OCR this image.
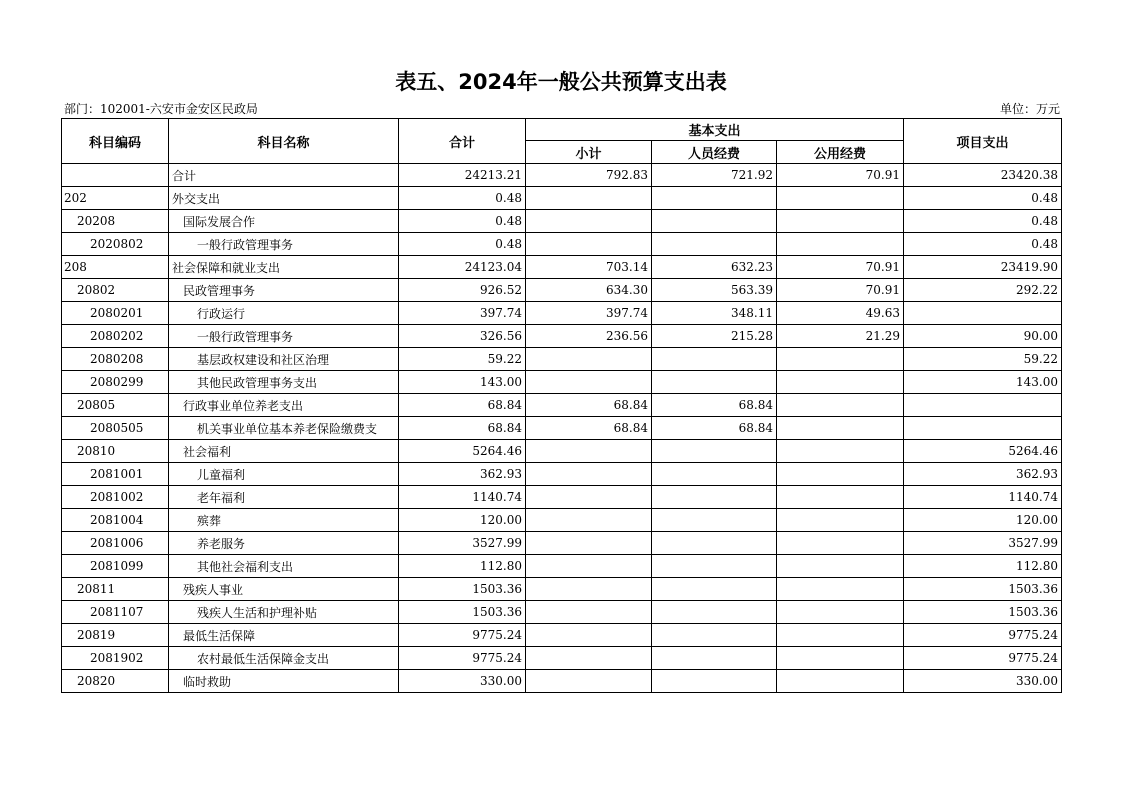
表五、2024年一般公共预算支出表
部门：102001-六安市金安区民政局	单位：万元
科目编码	科目名称	合计	基本支出			项目支出
			小计	人员经费	公用经费	
	合计	24213.21	792.83	721.92	70.91	23420.38
202	外交支出	0.48				0.48
20208	国际发展合作	0.48				0.48
2020802	一般行政管理事务	0.48				0.48
208	社会保障和就业支出	24123.04	703.14	632.23	70.91	23419.90
20802	民政管理事务	926.52	634.30	563.39	70.91	292.22
2080201	行政运行	397.74	397.74	348.11	49.63	
2080202	一般行政管理事务	326.56	236.56	215.28	21.29	90.00
2080208	基层政权建设和社区治理	59.22				59.22
2080299	其他民政管理事务支出	143.00				143.00
20805	行政事业单位养老支出	68.84	68.84	68.84		
2080505	机关事业单位基本养老保险缴费支	68.84	68.84	68.84		
20810	社会福利	5264.46				5264.46
2081001	儿童福利	362.93				362.93
2081002	老年福利	1140.74				1140.74
2081004	殡葬	120.00				120.00
2081006	养老服务	3527.99				3527.99
2081099	其他社会福利支出	112.80				112.80
20811	残疾人事业	1503.36				1503.36
2081107	残疾人生活和护理补贴	1503.36				1503.36
20819	最低生活保障	9775.24				9775.24
2081902	农村最低生活保障金支出	9775.24				9775.24
20820	临时救助	330.00				330.00
